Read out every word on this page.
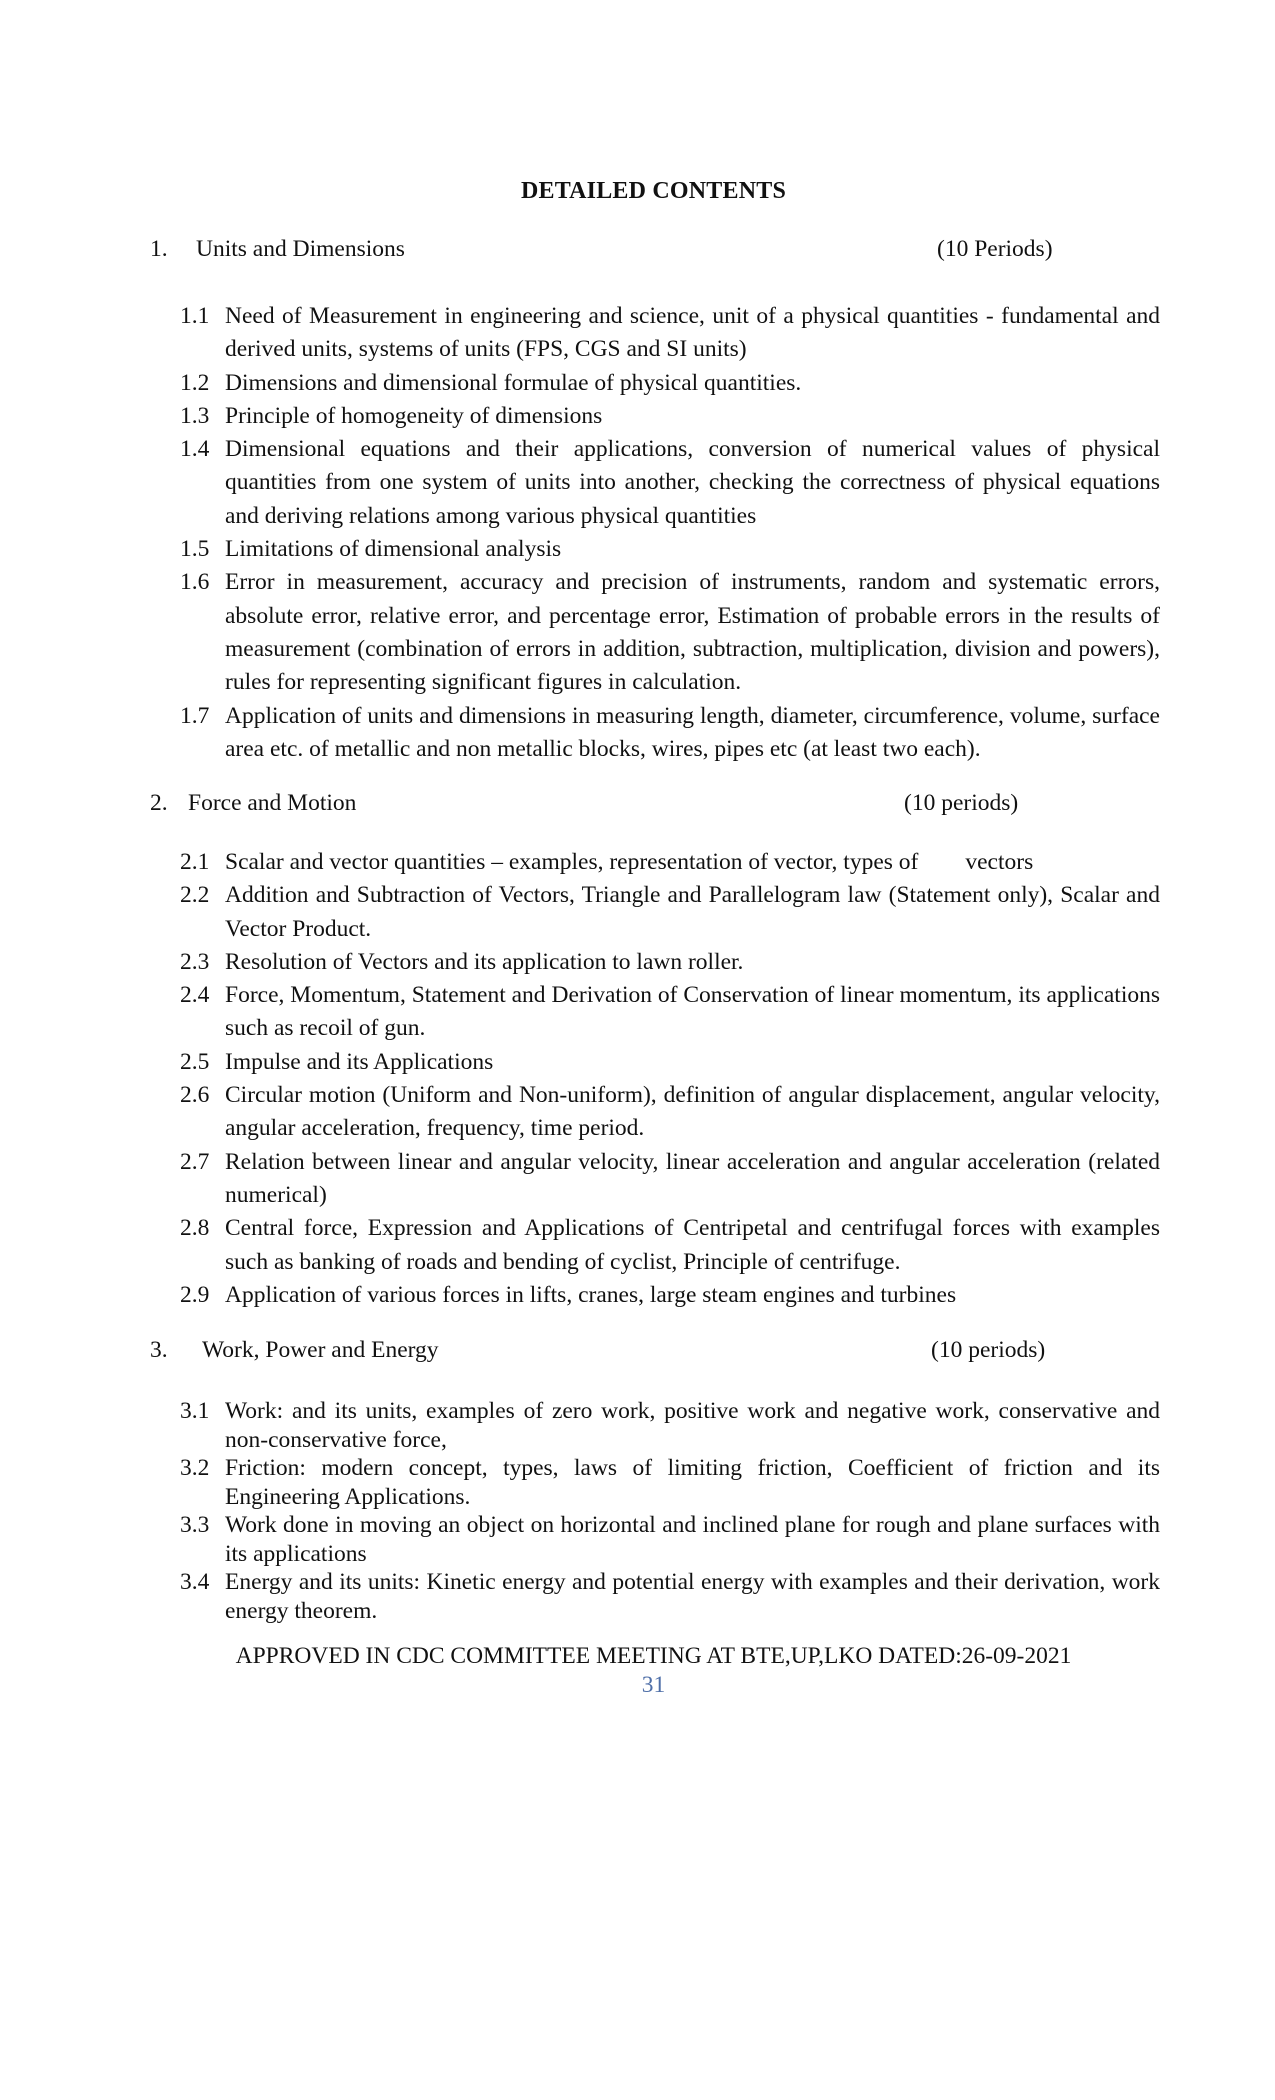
DETAILED CONTENTS
1. Units and Dimensions	(10 Periods)
1.1 Need of Measurement in engineering and science, unit of a physical quantities - fundamental and derived units, systems of units (FPS, CGS and SI units)
1.2 Dimensions and dimensional formulae of physical quantities.
1.3 Principle of homogeneity of dimensions
1.4 Dimensional equations and their applications, conversion of numerical values of physical quantities from one system of units into another, checking the correctness of physical equations and deriving relations among various physical quantities
1.5 Limitations of dimensional analysis
1.6 Error in measurement, accuracy and precision of instruments, random and systematic errors, absolute error, relative error, and percentage error, Estimation of probable errors in the results of measurement (combination of errors in addition, subtraction, multiplication, division and powers), rules for representing significant figures in calculation.
1.7 Application of units and dimensions in measuring length, diameter, circumference, volume, surface area etc. of metallic and non metallic blocks, wires, pipes etc (at least two each).
2. Force and Motion	(10 periods)
2.1 Scalar and vector quantities – examples, representation of vector, types of        vectors
2.2 Addition and Subtraction of Vectors, Triangle and Parallelogram law (Statement only), Scalar and Vector Product.
2.3 Resolution of Vectors and its application to lawn roller.
2.4 Force, Momentum, Statement and Derivation of Conservation of linear momentum, its applications such as recoil of gun.
2.5 Impulse and its Applications
2.6 Circular motion (Uniform and Non-uniform), definition of angular displacement, angular velocity, angular acceleration, frequency, time period.
2.7 Relation between linear and angular velocity, linear acceleration and angular acceleration (related numerical)
2.8 Central force, Expression and Applications of Centripetal and centrifugal forces with examples such as banking of roads and bending of cyclist, Principle of centrifuge.
2.9 Application of various forces in lifts, cranes, large steam engines and turbines
3. Work, Power and Energy	(10 periods)
3.1 Work: and its units, examples of zero work, positive work and negative work, conservative and non-conservative force,
3.2 Friction: modern concept, types, laws of limiting friction, Coefficient of friction and its Engineering Applications.
3.3 Work done in moving an object on horizontal and inclined plane for rough and plane surfaces with its applications
3.4 Energy and its units: Kinetic energy and potential energy with examples and their derivation, work energy theorem.
APPROVED IN CDC COMMITTEE MEETING AT BTE,UP,LKO DATED:26-09-2021
31
